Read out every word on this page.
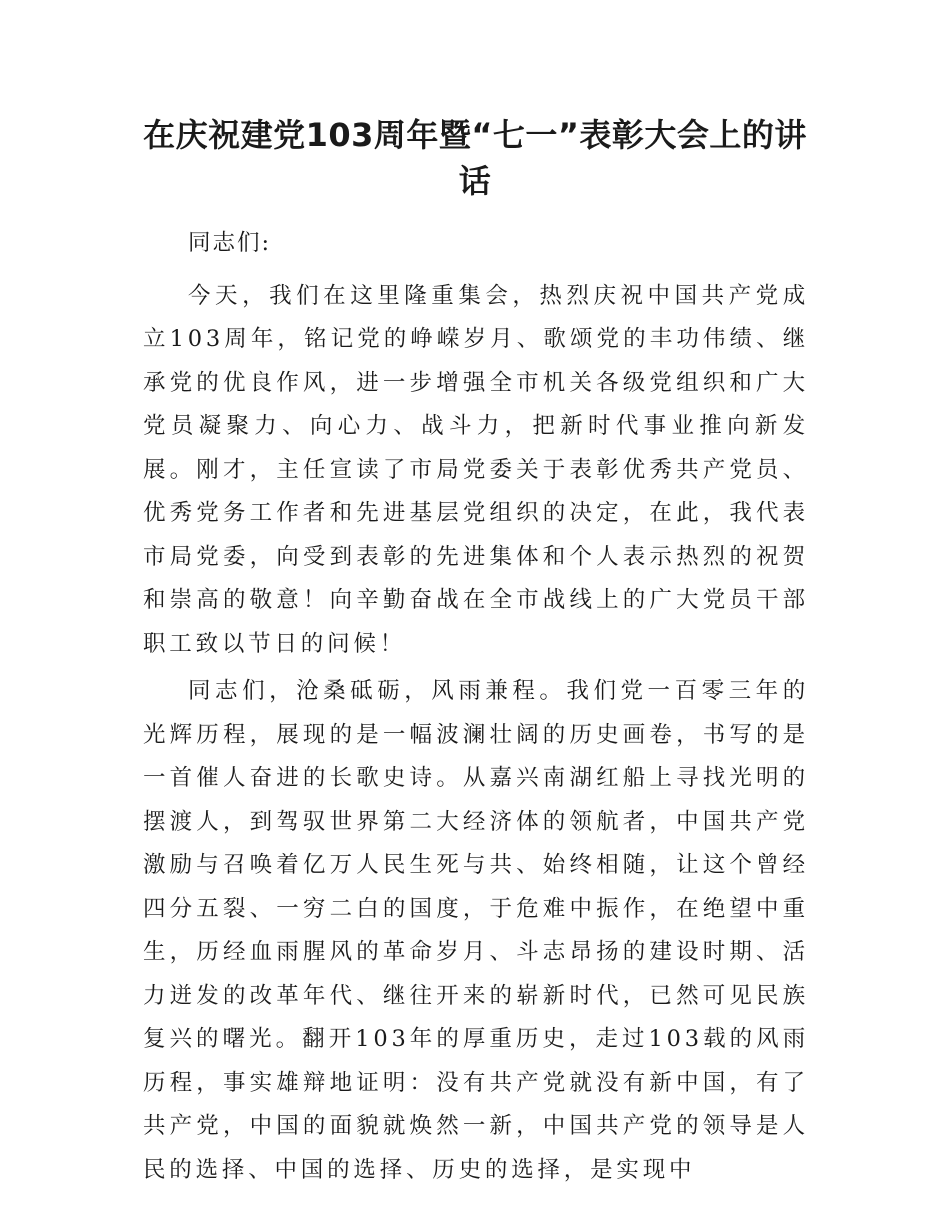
在庆祝建党103周年暨“七一”表彰大会上的讲话

同志们:

今天，我们在这里隆重集会，热烈庆祝中国共产党成立103周年，铭记党的峥嵘岁月、歌颂党的丰功伟绩、继承党的优良作风，进一步增强全市机关各级党组织和广大党员凝聚力、向心力、战斗力，把新时代事业推向新发展。刚才，主任宣读了市局党委关于表彰优秀共产党员、优秀党务工作者和先进基层党组织的决定，在此，我代表市局党委，向受到表彰的先进集体和个人表示热烈的祝贺和崇高的敬意！向辛勤奋战在全市战线上的广大党员干部职工致以节日的问候！

同志们，沧桑砥砺，风雨兼程。我们党一百零三年的光辉历程，展现的是一幅波澜壮阔的历史画卷，书写的是一首催人奋进的长歌史诗。从嘉兴南湖红船上寻找光明的摆渡人，到驾驭世界第二大经济体的领航者，中国共产党激励与召唤着亿万人民生死与共、始终相随，让这个曾经四分五裂、一穷二白的国度，于危难中振作，在绝望中重生，历经血雨腥风的革命岁月、斗志昂扬的建设时期、活力迸发的改革年代、继往开来的崭新时代，已然可见民族复兴的曙光。翻开103年的厚重历史，走过103载的风雨历程，事实雄辩地证明：没有共产党就没有新中国，有了共产党，中国的面貌就焕然一新，中国共产党的领导是人民的选择、中国的选择、历史的选择，是实现中
